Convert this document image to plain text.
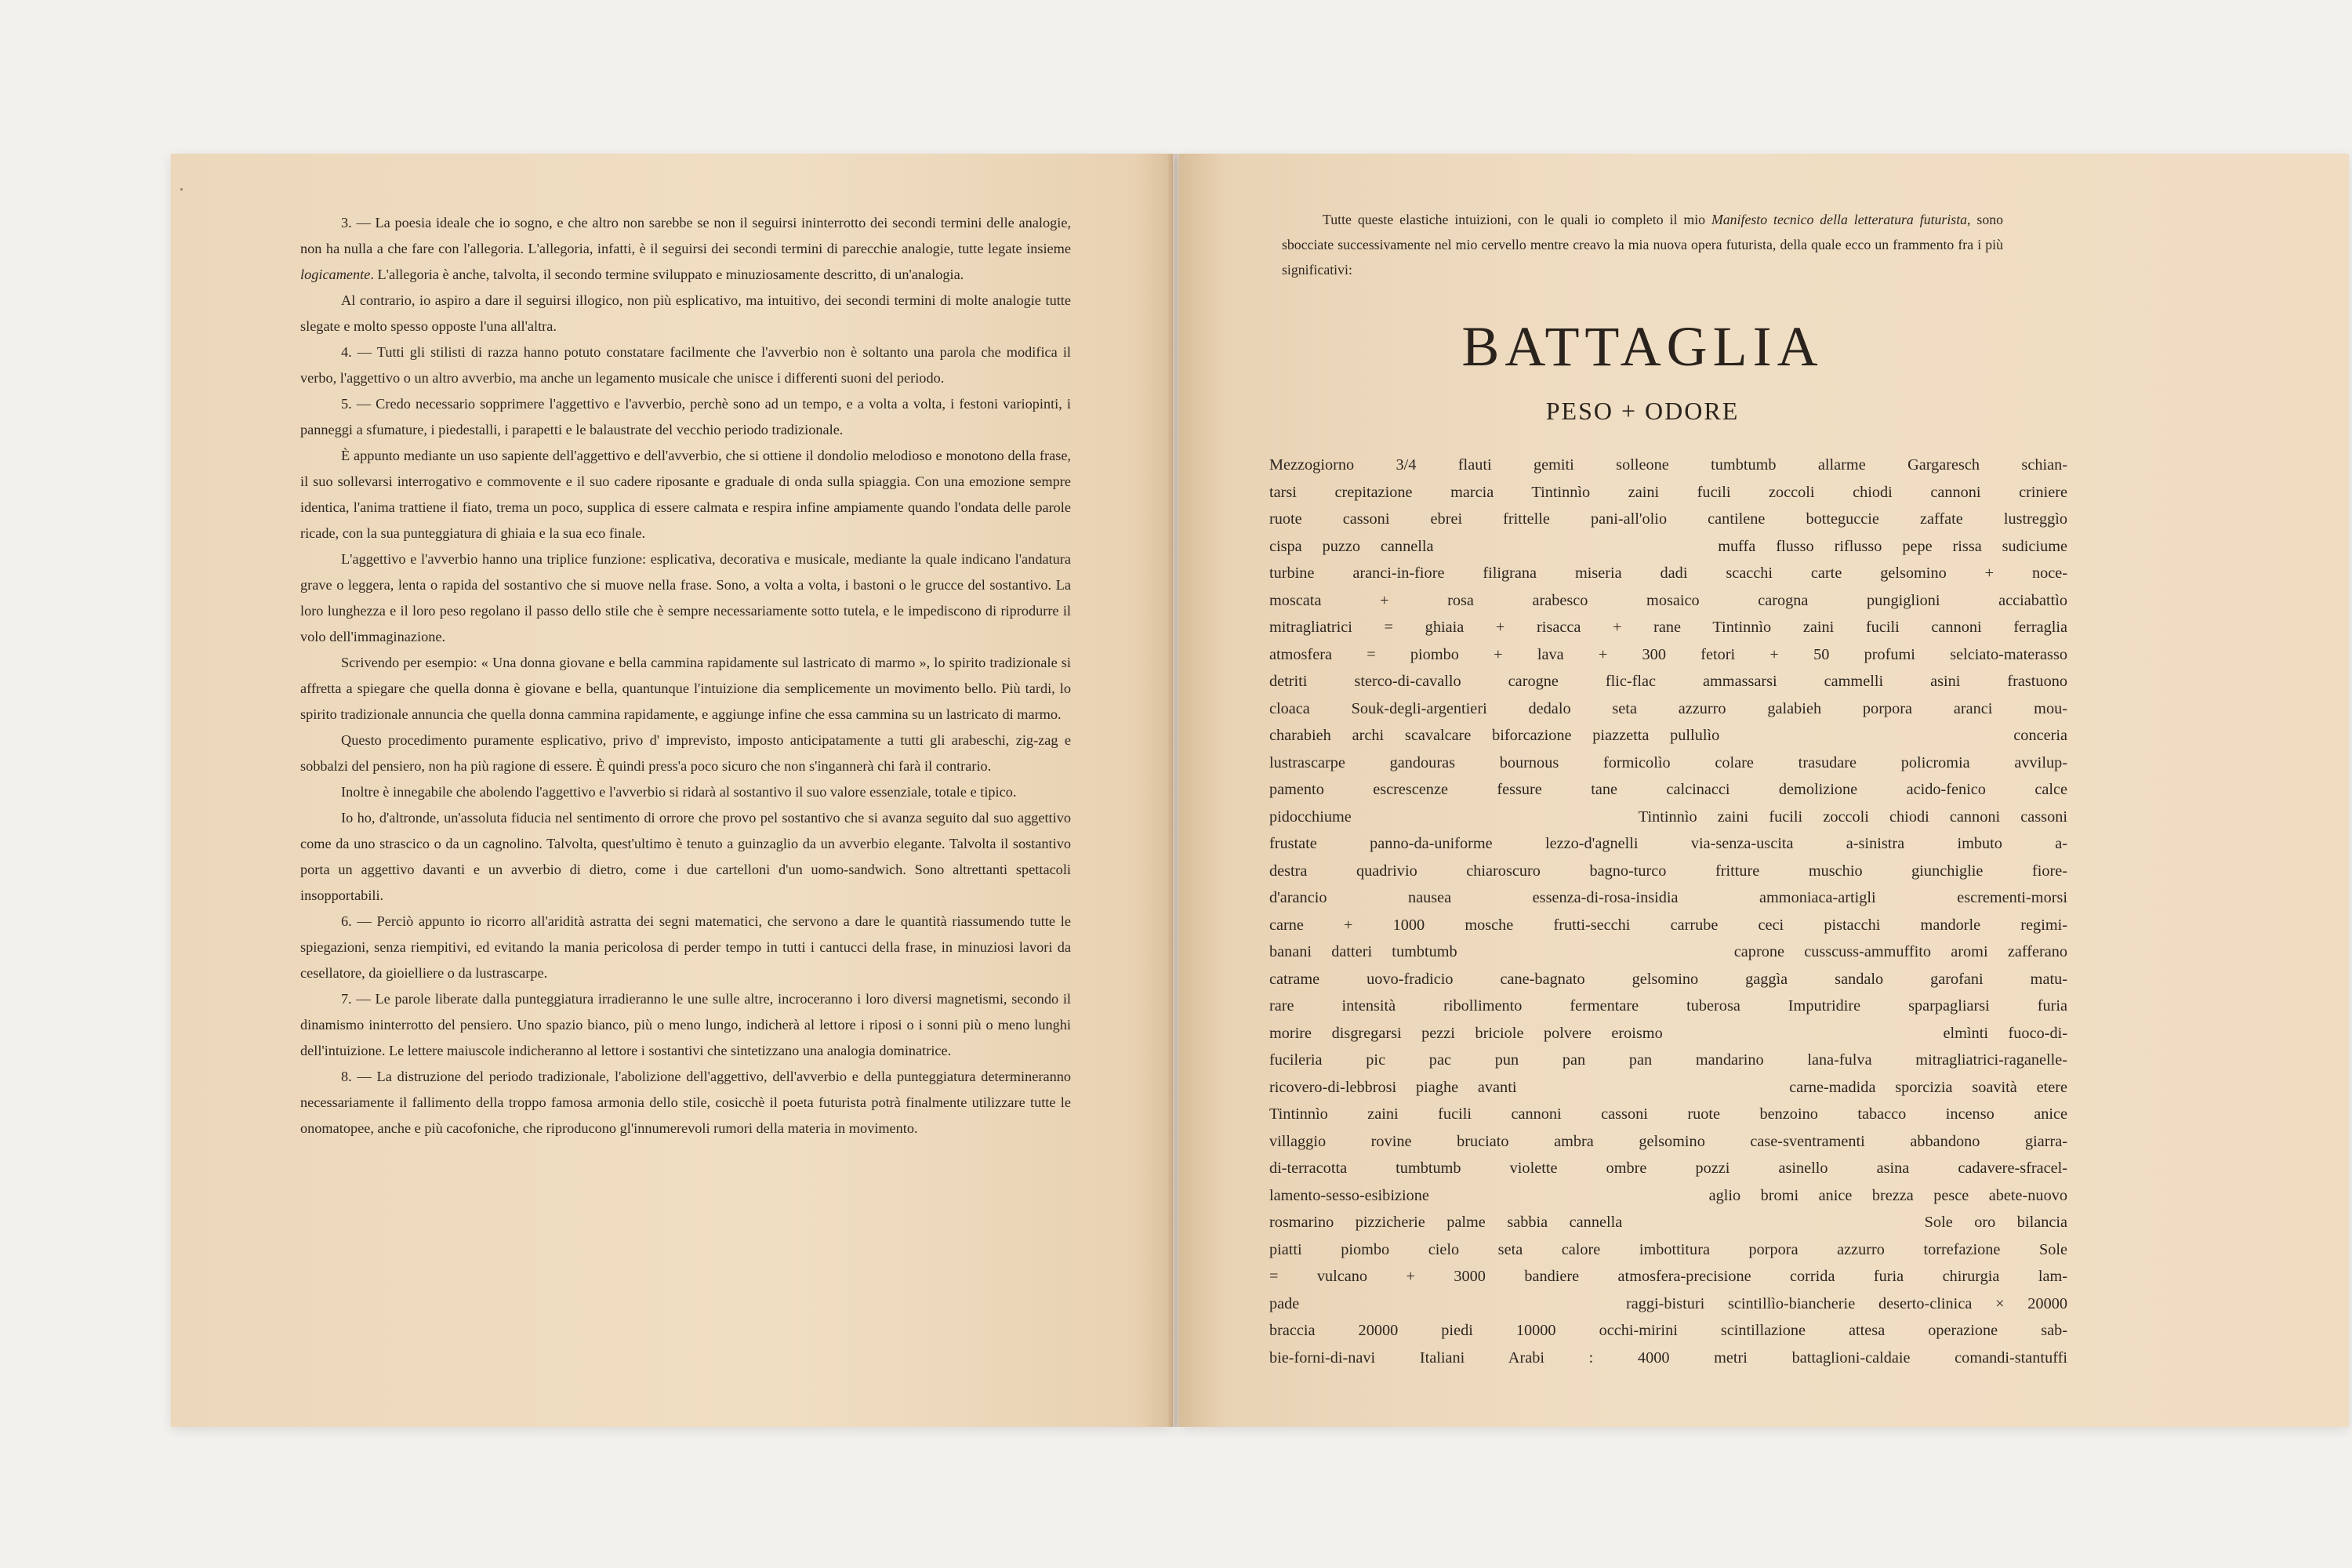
3. — La poesia ideale che io sogno, e che altro non sarebbe se non il seguirsi ininterrotto dei secondi termini delle analogie, non ha nulla a che fare con l'allegoria. L'allegoria, infatti, è il seguirsi dei secondi termini di parecchie analogie, tutte legate insieme logicamente. L'allegoria è anche, talvolta, il secondo termine sviluppato e minuziosamente descritto, di un'analogia.

Al contrario, io aspiro a dare il seguirsi illogico, non più esplicativo, ma intuitivo, dei secondi termini di molte analogie tutte slegate e molto spesso opposte l'una all'altra.

4. — Tutti gli stilisti di razza hanno potuto constatare facilmente che l'avverbio non è soltanto una parola che modifica il verbo, l'aggettivo o un altro avverbio, ma anche un legamento musicale che unisce i differenti suoni del periodo.

5. — Credo necessario sopprimere l'aggettivo e l'avverbio, perchè sono ad un tempo, e a volta a volta, i festoni variopinti, i panneggi a sfumature, i piedestalli, i parapetti e le balaustrate del vecchio periodo tradizionale.

È appunto mediante un uso sapiente dell'aggettivo e dell'avverbio, che si ottiene il dondolio melodioso e monotono della frase, il suo sollevarsi interrogativo e commovente e il suo cadere riposante e graduale di onda sulla spiaggia. Con una emozione sempre identica, l'anima trattiene il fiato, trema un poco, supplica di essere calmata e respira infine ampiamente quando l'ondata delle parole ricade, con la sua punteggiatura di ghiaia e la sua eco finale.

L'aggettivo e l'avverbio hanno una triplice funzione: esplicativa, decorativa e musicale, mediante la quale indicano l'andatura grave o leggera, lenta o rapida del sostantivo che si muove nella frase. Sono, a volta a volta, i bastoni o le grucce del sostantivo. La loro lunghezza e il loro peso regolano il passo dello stile che è sempre necessariamente sotto tutela, e le impediscono di riprodurre il volo dell'immaginazione.

Scrivendo per esempio: « Una donna giovane e bella cammina rapidamente sul lastricato di marmo », lo spirito tradizionale si affretta a spiegare che quella donna è giovane e bella, quantunque l'intuizione dia semplicemente un movimento bello. Più tardi, lo spirito tradizionale annuncia che quella donna cammina rapidamente, e aggiunge infine che essa cammina su un lastricato di marmo.

Questo procedimento puramente esplicativo, privo d' imprevisto, imposto anticipatamente a tutti gli arabeschi, zig-zag e sobbalzi del pensiero, non ha più ragione di essere. È quindi press'a poco sicuro che non s'ingannerà chi farà il contrario.

Inoltre è innegabile che abolendo l'aggettivo e l'avverbio si ridarà al sostantivo il suo valore essenziale, totale e tipico.

Io ho, d'altronde, un'assoluta fiducia nel sentimento di orrore che provo pel sostantivo che si avanza seguito dal suo aggettivo come da uno strascico o da un cagnolino. Talvolta, quest'ultimo è tenuto a guinzaglio da un avverbio elegante. Talvolta il sostantivo porta un aggettivo davanti e un avverbio di dietro, come i due cartelloni d'un uomo-sandwich. Sono altrettanti spettacoli insopportabili.

6. — Perciò appunto io ricorro all'aridità astratta dei segni matematici, che servono a dare le quantità riassumendo tutte le spiegazioni, senza riempitivi, ed evitando la mania pericolosa di perder tempo in tutti i cantucci della frase, in minuziosi lavori da cesellatore, da gioielliere o da lustrascarpe.

7. — Le parole liberate dalla punteggiatura irradieranno le une sulle altre, incroceranno i loro diversi magnetismi, secondo il dinamismo ininterrotto del pensiero. Uno spazio bianco, più o meno lungo, indicherà al lettore i riposi o i sonni più o meno lunghi dell'intuizione. Le lettere maiuscole indicheranno al lettore i sostantivi che sintetizzano una analogia dominatrice.

8. — La distruzione del periodo tradizionale, l'abolizione dell'aggettivo, dell'avverbio e della punteggiatura determineranno necessariamente il fallimento della troppo famosa armonia dello stile, cosicchè il poeta futurista potrà finalmente utilizzare tutte le onomatopee, anche e più cacofoniche, che riproducono gl'innumerevoli rumori della materia in movimento.

Tutte queste elastiche intuizioni, con le quali io completo il mio Manifesto tecnico della letteratura futurista, sono sbocciate successivamente nel mio cervello mentre creavo la mia nuova opera futurista, della quale ecco un frammento fra i più significativi:

BATTAGLIA
PESO + ODORE
Mezzogiorno 3/4 flauti gemiti solleone tumbtumb allarme Gargaresch schian-
tarsi crepitazione marcia Tintinnìo zaini fucili zoccoli chiodi cannoni criniere
ruote cassoni ebrei frittelle pani-all'olio cantilene botteguccie zaffate lustreggìo
cispa puzzo cannella              muffa flusso riflusso pepe rissa sudiciume
turbine aranci-in-fiore filigrana miseria dadi scacchi carte gelsomino + noce-
moscata + rosa arabesco mosaico carogna pungiglioni acciabattìo
mitragliatrici = ghiaia + risacca + rane Tintinnìo zaini fucili cannoni ferraglia
atmosfera = piombo + lava + 300 fetori + 50 profumi selciato-materasso
detriti sterco-di-cavallo carogne flic-flac ammassarsi cammelli asini frastuono
cloaca Souk-degli-argentieri dedalo seta azzurro galabieh porpora aranci mou-
charabieh archi scavalcare biforcazione piazzetta pullulìo              conceria
lustrascarpe gandouras bournous formicolìo colare trasudare policromia avvilup-
pamento escrescenze fessure tane calcinacci demolizione acido-fenico calce
pidocchiume              Tintinnìo zaini fucili zoccoli chiodi cannoni cassoni
frustate panno-da-uniforme lezzo-d'agnelli via-senza-uscita a-sinistra imbuto a-
destra quadrivio chiaroscuro bagno-turco fritture muschio giunchiglie fiore-
d'arancio nausea essenza-di-rosa-insidia ammoniaca-artigli escrementi-morsi
carne + 1000 mosche frutti-secchi carrube ceci pistacchi mandorle regimi-
banani datteri tumbtumb              caprone cusscuss-ammuffito aromi zafferano
catrame uovo-fradicio cane-bagnato gelsomino gaggìa sandalo garofani matu-
rare intensità ribollimento fermentare tuberosa Imputridire sparpagliarsi furia
morire disgregarsi pezzi briciole polvere eroismo              elmìnti fuoco-di-
fucileria pic pac pun pan pan mandarino lana-fulva mitragliatrici-raganelle-
ricovero-di-lebbrosi piaghe avanti              carne-madida sporcizia soavità etere
Tintinnìo zaini fucili cannoni cassoni ruote benzoino tabacco incenso anice
villaggio rovine bruciato ambra gelsomino case-sventramenti abbandono giarra-
di-terracotta tumbtumb violette ombre pozzi asinello asina cadavere-sfracel-
lamento-sesso-esibizione              aglio bromi anice brezza pesce abete-nuovo
rosmarino pizzicherie palme sabbia cannella              Sole oro bilancia
piatti piombo cielo seta calore imbottitura porpora azzurro torrefazione Sole
= vulcano + 3000 bandiere atmosfera-precisione corrida furia chirurgia lam-
pade              raggi-bisturi scintillìo-biancherie deserto-clinica × 20000
braccia 20000 piedi 10000 occhi-mirini scintillazione attesa operazione sab-
bie-forni-di-navi Italiani Arabi : 4000 metri battaglioni-caldaie comandi-stantuffi
